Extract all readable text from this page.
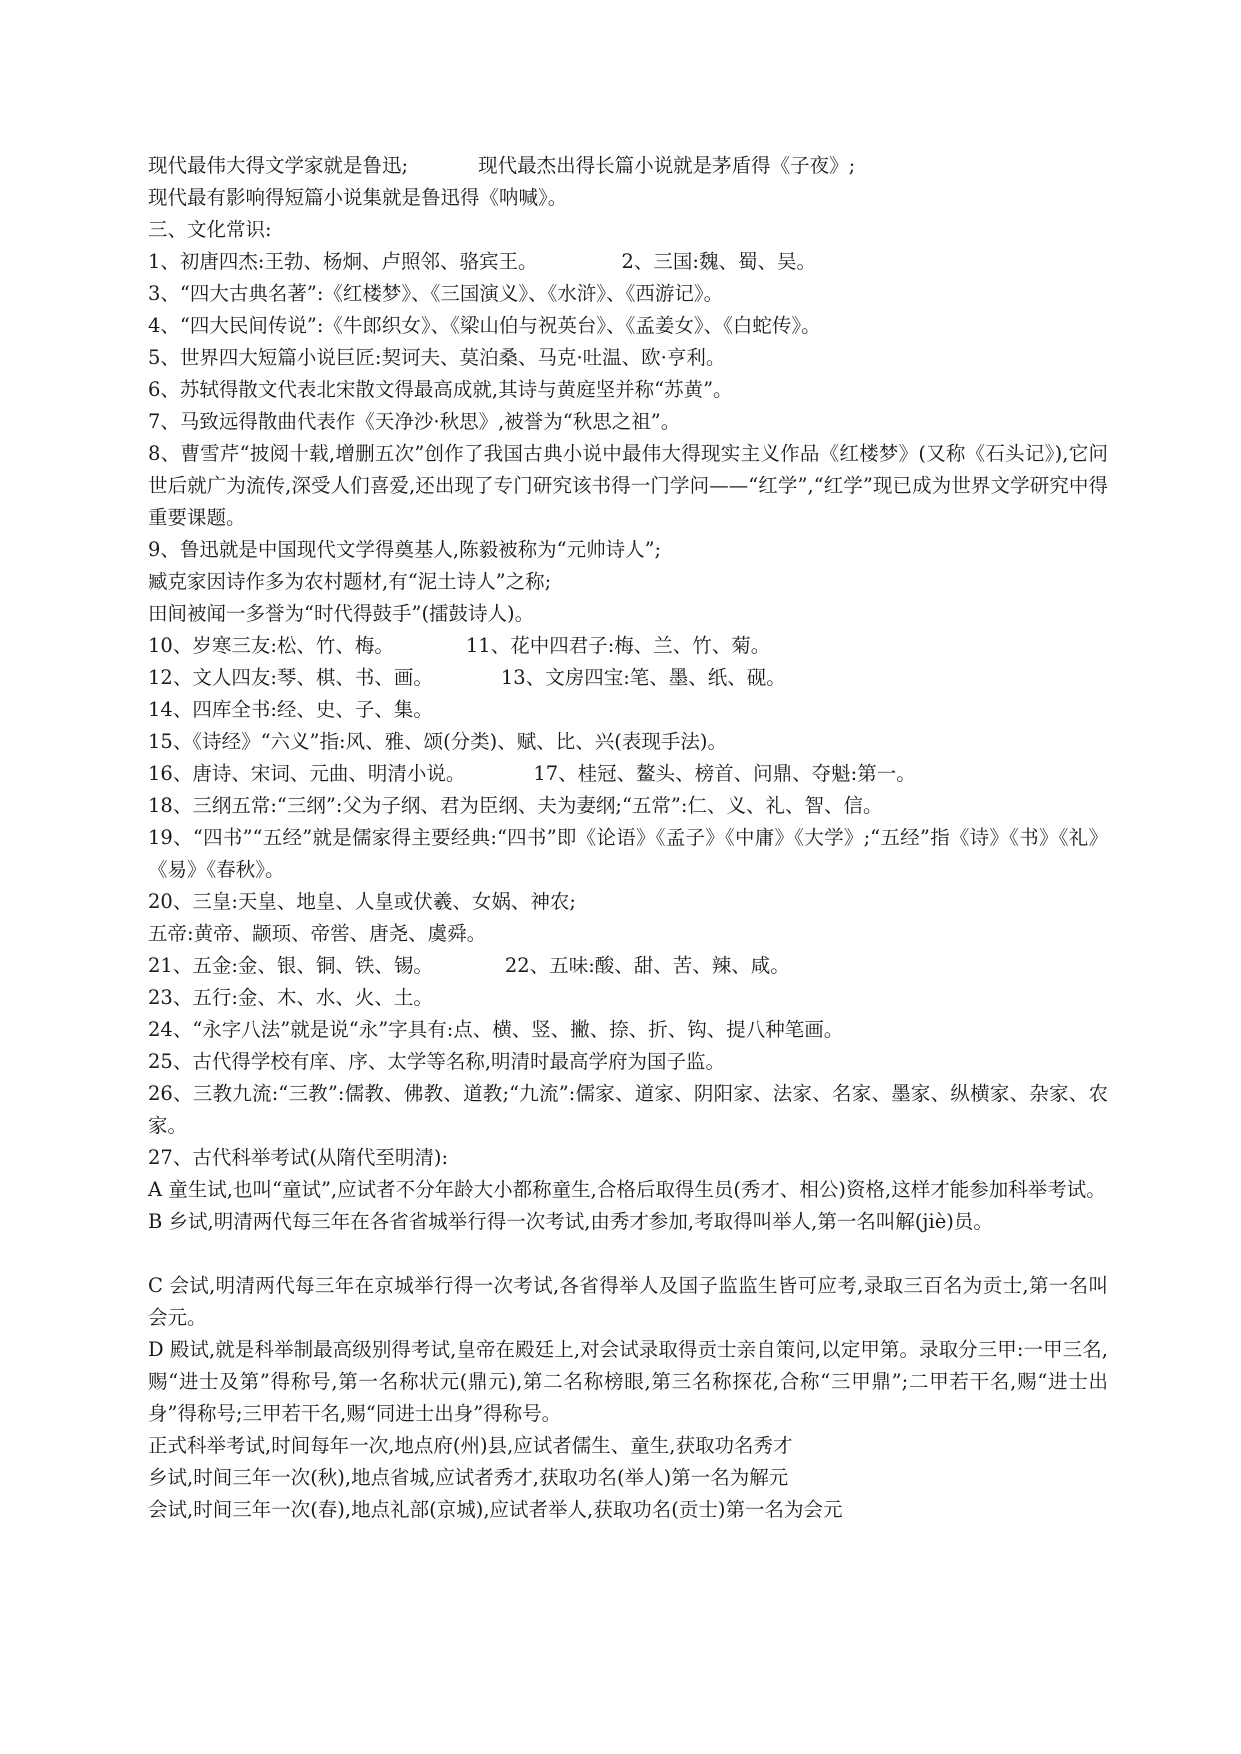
现代最伟大得文学家就是鲁迅;	现代最杰出得长篇小说就是茅盾得《子夜》;
现代最有影响得短篇小说集就是鲁迅得《呐喊》。
三、文化常识:
1、初唐四杰:王勃、杨炯、卢照邻、骆宾王。	2、三国:魏、蜀、吴。
3、“四大古典名著”:《红楼梦》、《三国演义》、《水浒》、《西游记》。
4、“四大民间传说”:《牛郎织女》、《梁山伯与祝英台》、《孟姜女》、《白蛇传》。
5、世界四大短篇小说巨匠:契诃夫、莫泊桑、马克·吐温、欧·亨利。
6、苏轼得散文代表北宋散文得最高成就,其诗与黄庭坚并称“苏黄”。
7、马致远得散曲代表作《天净沙·秋思》,被誉为“秋思之祖”。
8、曹雪芹“披阅十载,增删五次”创作了我国古典小说中最伟大得现实主义作品《红楼梦》(又称《石头记》),它问世后就广为流传,深受人们喜爱,还出现了专门研究该书得一门学问——“红学”,“红学”现已成为世界文学研究中得重要课题。
9、鲁迅就是中国现代文学得奠基人,陈毅被称为“元帅诗人”;
臧克家因诗作多为农村题材,有“泥土诗人”之称;
田间被闻一多誉为“时代得鼓手”(擂鼓诗人)。
10、岁寒三友:松、竹、梅。	11、花中四君子:梅、兰、竹、菊。
12、文人四友:琴、棋、书、画。	13、文房四宝:笔、墨、纸、砚。
14、四库全书:经、史、子、集。
15、《诗经》“六义”指:风、雅、颂(分类)、赋、比、兴(表现手法)。
16、唐诗、宋词、元曲、明清小说。	17、桂冠、鳌头、榜首、问鼎、夺魁:第一。
18、三纲五常:“三纲”:父为子纲、君为臣纲、夫为妻纲;“五常”:仁、义、礼、智、信。
19、“四书”“五经”就是儒家得主要经典:“四书”即《论语》《孟子》《中庸》《大学》;“五经”指《诗》《书》《礼》《易》《春秋》。
20、三皇:天皇、地皇、人皇或伏羲、女娲、神农;
五帝:黄帝、颛顼、帝喾、唐尧、虞舜。
21、五金:金、银、铜、铁、锡。	22、五味:酸、甜、苦、辣、咸。
23、五行:金、木、水、火、土。
24、“永字八法”就是说“永”字具有:点、横、竖、撇、捺、折、钩、提八种笔画。
25、古代得学校有庠、序、太学等名称,明清时最高学府为国子监。
26、三教九流:“三教”:儒教、佛教、道教;“九流”:儒家、道家、阴阳家、法家、名家、墨家、纵横家、杂家、农家。
27、古代科举考试(从隋代至明清):
A 童生试,也叫“童试”,应试者不分年龄大小都称童生,合格后取得生员(秀才、相公)资格,这样才能参加科举考试。
B 乡试,明清两代每三年在各省省城举行得一次考试,由秀才参加,考取得叫举人,第一名叫解(jiè)员。
C 会试,明清两代每三年在京城举行得一次考试,各省得举人及国子监监生皆可应考,录取三百名为贡士,第一名叫会元。
D 殿试,就是科举制最高级别得考试,皇帝在殿廷上,对会试录取得贡士亲自策问,以定甲第。录取分三甲:一甲三名,赐“进士及第”得称号,第一名称状元(鼎元),第二名称榜眼,第三名称探花,合称“三甲鼎”;二甲若干名,赐“进士出身”得称号;三甲若干名,赐“同进士出身”得称号。
正式科举考试,时间每年一次,地点府(州)县,应试者儒生、童生,获取功名秀才
乡试,时间三年一次(秋),地点省城,应试者秀才,获取功名(举人)第一名为解元
会试,时间三年一次(春),地点礼部(京城),应试者举人,获取功名(贡士)第一名为会元
